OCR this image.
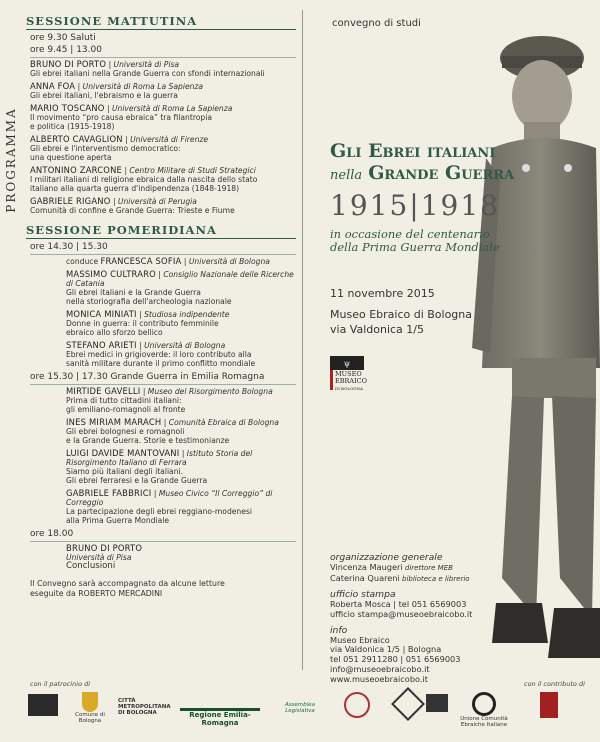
PROGRAMMA
SESSIONE MATTUTINA
ore 9.30 Saluti
ore 9.45 | 13.00
BRUNO DI PORTO | Università di Pisa
Gli ebrei italiani nella Grande Guerra con sfondi internazionali
ANNA FOA | Università di Roma La Sapienza
Gli ebrei italiani, l'ebraismo e la guerra
MARIO TOSCANO | Università di Roma La Sapienza
Il movimento “pro causa ebraica” tra filantropia
e politica (1915-1918)
ALBERTO CAVAGLION | Università di Firenze
Gli ebrei e l'interventismo democratico:
una questione aperta
ANTONINO ZARCONE | Centro Militare di Studi Strategici
I militari italiani di religione ebraica dalla nascita dello stato
italiano alla quarta guerra d'indipendenza (1848-1918)
GABRIELE RIGANO | Università di Perugia
Comunità di confine e Grande Guerra: Trieste e Fiume
SESSIONE POMERIDIANA
ore 14.30 | 15.30
conduce FRANCESCA SOFIA | Università di Bologna
MASSIMO CULTRARO | Consiglio Nazionale delle Ricerche di Catania
Gli ebrei italiani e la Grande Guerra
nella storiografia dell'archeologia nazionale
MONICA MINIATI | Studiosa indipendente
Donne in guerra: il contributo femminile
ebraico allo sforzo bellico
STEFANO ARIETI | Università di Bologna
Ebrei medici in grigioverde: il loro contributo alla
sanità militare durante il primo conflitto mondiale
ore 15.30 | 17.30 Grande Guerra in Emilia Romagna
MIRTIDE GAVELLI | Museo del Risorgimento Bologna
Prima di tutto cittadini italiani:
gli emiliano-romagnoli al fronte
INES MIRIAM MARACH | Comunità Ebraica di Bologna
Gli ebrei bolognesi e romagnoli
e la Grande Guerra. Storie e testimonianze
LUIGI DAVIDE MANTOVANI | Istituto Storia del Risorgimento Italiano di Ferrara
Siamo più italiani degli italiani.
Gli ebrei ferraresi e la Grande Guerra
GABRIELE FABBRICI | Museo Civico “Il Correggio” di Correggio
La partecipazione degli ebrei reggiano-modenesi
alla Prima Guerra Mondiale
ore 18.00
BRUNO DI PORTO
Università di Pisa
Conclusioni
Il Convegno sarà accompagnato da alcune letture
eseguite da ROBERTO MERCADINI
convegno di studi
Gli Ebrei italiani
nella Grande Guerra
1915|1918
in occasione del centenario
della Prima Guerra Mondiale
11 novembre 2015
Museo Ebraico di Bologna
via Valdonica 1/5
ψ
MUSEO
EBRAICO
DI BOLOGNA
organizzazione generale
Vincenza Maugeri direttore MEB
Caterina Quareni biblioteca e librerio
ufficio stampa
Roberta Mosca | tel 051 6569003
ufficio stampa@museoebraicobo.it
info
Museo Ebraico
via Valdonica 1/5 | Bologna
tel 051 2911280 | 051 6569003
info@museoebraicobo.it
www.museoebraicobo.it
con il patrocinio di	con il contributo di
Comune di Bologna
CITTÀ METROPOLITANA DI BOLOGNA	Regione Emilia-Romagna
Assemblea Legislativa
Unione Comunità Ebraiche Italiane
